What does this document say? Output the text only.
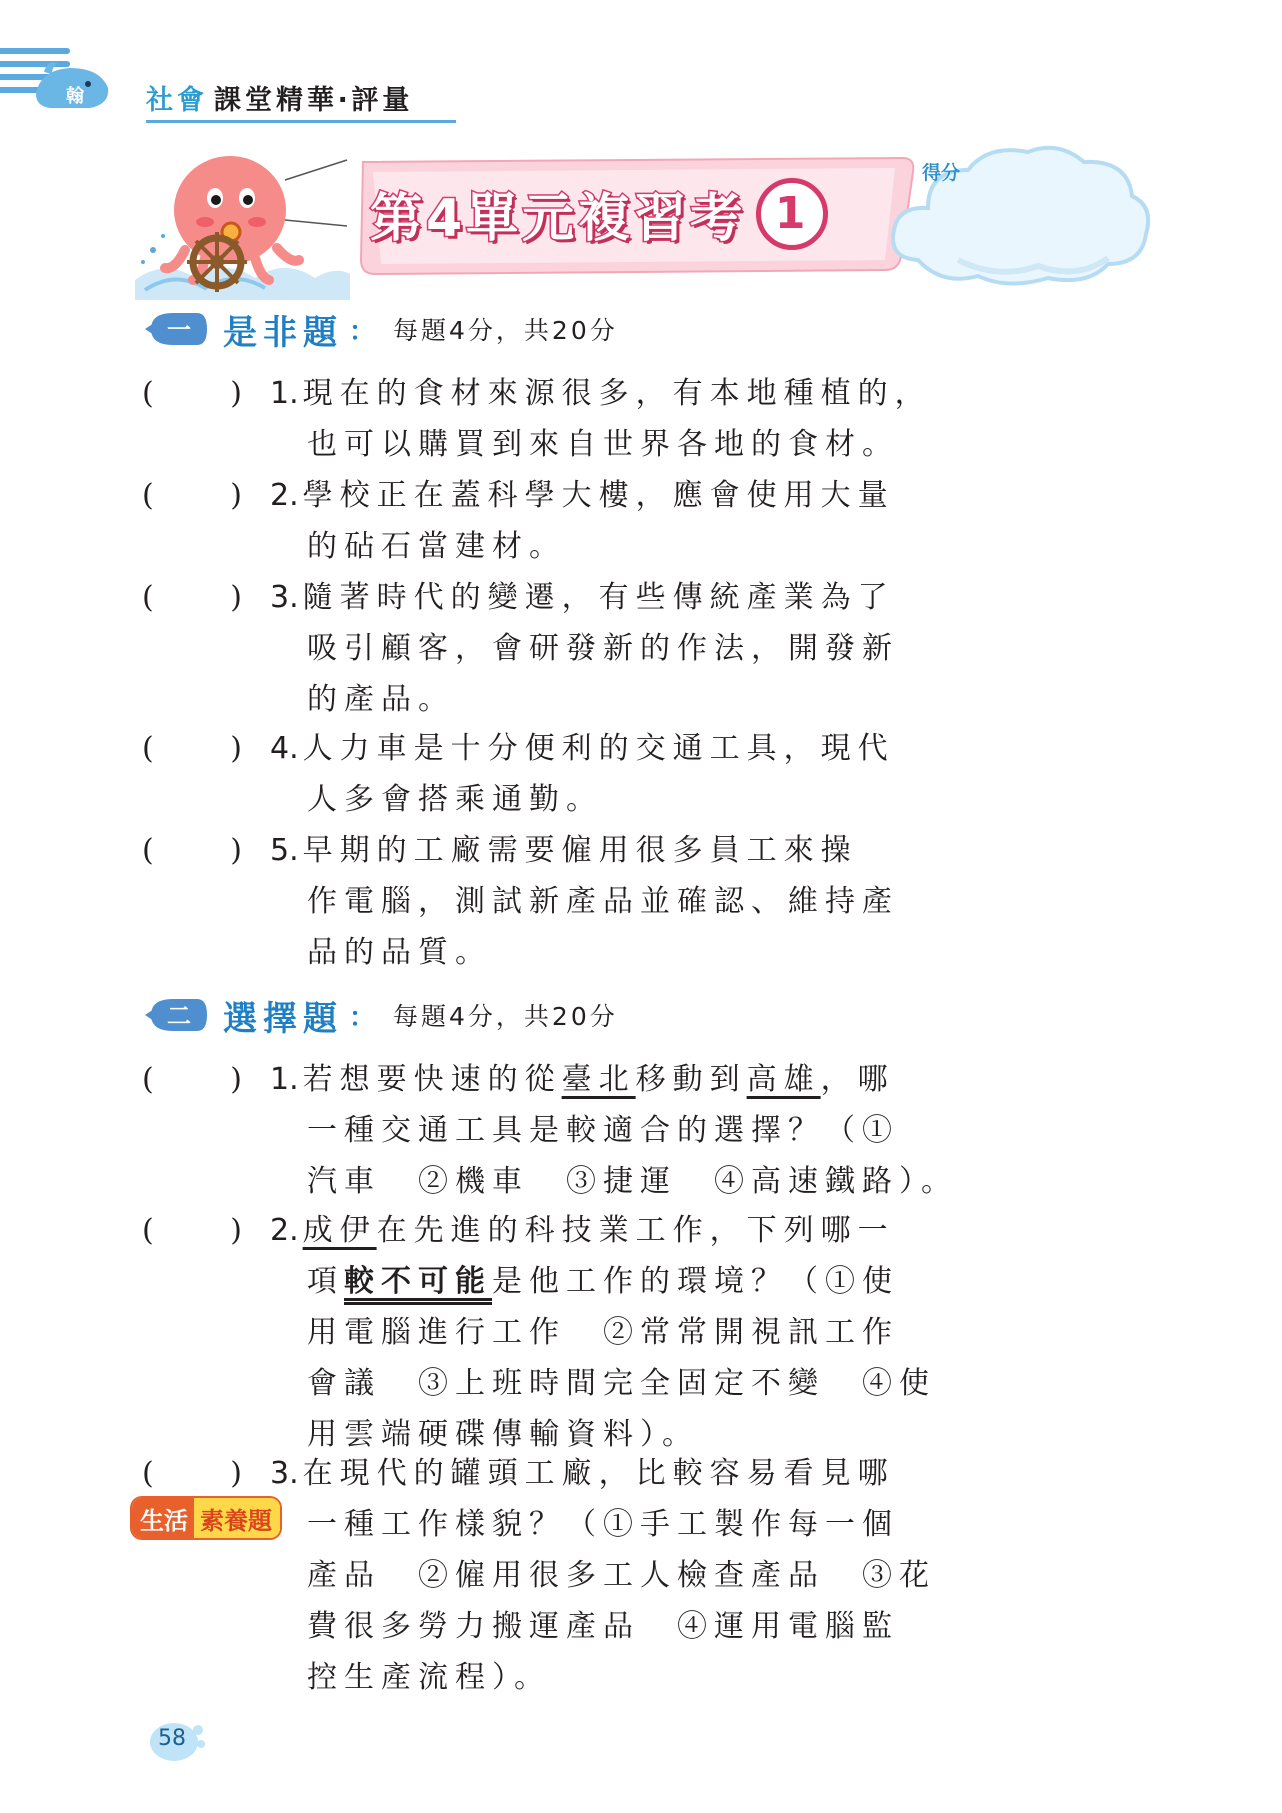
翰 社會 課堂精華‧評量
第4單元複習考 1
得分
一 是非題 ： 每題4分，共20分
(	) 1. 現在的食材來源很多，有本地種植的，
也可以購買到來自世界各地的食材。
(	) 2. 學校正在蓋科學大樓，應會使用大量
的砧石當建材。
(	) 3. 隨著時代的變遷，有些傳統產業為了
吸引顧客，會研發新的作法，開發新
的產品。
(	) 4. 人力車是十分便利的交通工具，現代
人多會搭乘通勤。
(	) 5. 早期的工廠需要僱用很多員工來操
作電腦，測試新產品並確認、維持產
品的品質。
二 選擇題 ： 每題4分，共20分
(	) 1. 若想要快速的從臺北移動到高雄，哪
一種交通工具是較適合的選擇？（①
汽車　②機車　③捷運　④高速鐵路）。
(	) 2. 成伊在先進的科技業工作，下列哪一
項較不可能是他工作的環境？（①使
用電腦進行工作　②常常開視訊工作
會議　③上班時間完全固定不變　④使
用雲端硬碟傳輸資料）。
(	) 3. 在現代的罐頭工廠，比較容易看見哪
一種工作樣貌？（①手工製作每一個
產品　②僱用很多工人檢查產品　③花
費很多勞力搬運產品　④運用電腦監
控生產流程）。
生活 素養題
58
